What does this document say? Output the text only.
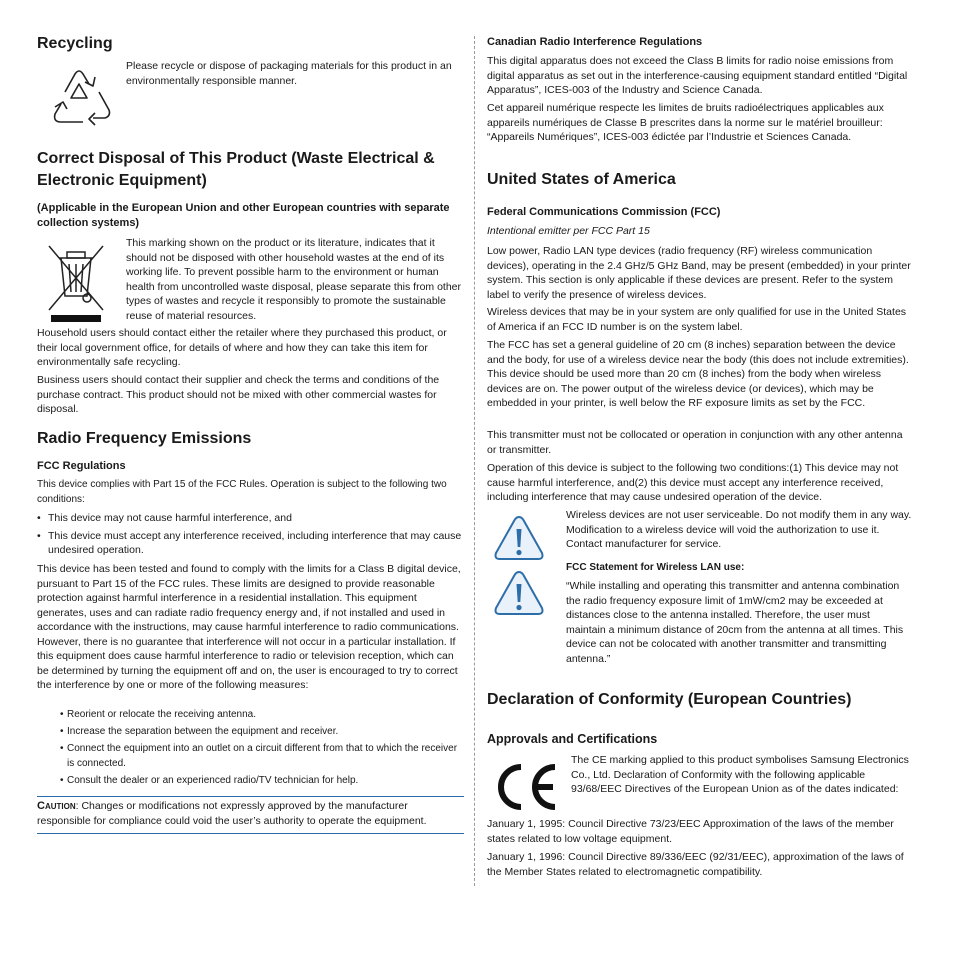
Recycling

Please recycle or dispose of packaging materials for this product in an environmentally responsible manner.

Correct Disposal of This Product (Waste Electrical & Electronic Equipment)
(Applicable in the European Union and other European countries with separate collection systems)

This marking shown on the product or its literature, indicates that it should not be disposed with other household wastes at the end of its working life. To prevent possible harm to the environment or human health from uncontrolled waste disposal, please separate this from other types of wastes and recycle it responsibly to promote the sustainable reuse of material resources.

Household users should contact either the retailer where they purchased this product, or their local government office, for details of where and how they can take this item for environmentally safe recycling.

Business users should contact their supplier and check the terms and conditions of the purchase contract. This product should not be mixed with other commercial wastes for disposal.

Radio Frequency Emissions
FCC Regulations

This device complies with Part 15 of the FCC Rules. Operation is subject to the following two conditions:

• This device may not cause harmful interference, and
• This device must accept any interference received, including interference that may cause undesired operation.

This device has been tested and found to comply with the limits for a Class B digital device, pursuant to Part 15 of the FCC rules. These limits are designed to provide reasonable protection against harmful interference in a residential installation. This equipment generates, uses and can radiate radio frequency energy and, if not installed and used in accordance with the instructions, may cause harmful interference to radio communications. However, there is no guarantee that interference will not occur in a particular installation. If this equipment does cause harmful interference to radio or television reception, which can be determined by turning the equipment off and on, the user is encouraged to try to correct the interference by one or more of the following measures:

• Reorient or relocate the receiving antenna.
• Increase the separation between the equipment and receiver.
• Connect the equipment into an outlet on a circuit different from that to which the receiver is connected.
• Consult the dealer or an experienced radio/TV technician for help.

Caution: Changes or modifications not expressly approved by the manufacturer responsible for compliance could void the user’s authority to operate the equipment.

Canadian Radio Interference Regulations

This digital apparatus does not exceed the Class B limits for radio noise emissions from digital apparatus as set out in the interference-causing equipment standard entitled “Digital Apparatus”, ICES-003 of the Industry and Science Canada.

Cet appareil numérique respecte les limites de bruits radioélectriques applicables aux appareils numériques de Classe B prescrites dans la norme sur le matériel brouilleur: “Appareils Numériques”, ICES-003 édictée par l’Industrie et Sciences Canada.

United States of America
Federal Communications Commission (FCC)

Intentional emitter per FCC Part 15

Low power, Radio LAN type devices (radio frequency (RF) wireless communication devices), operating in the 2.4 GHz/5 GHz Band, may be present (embedded) in your printer system. This section is only applicable if these devices are present. Refer to the system label to verify the presence of wireless devices.

Wireless devices that may be in your system are only qualified for use in the United States of America if an FCC ID number is on the system label.

The FCC has set a general guideline of 20 cm (8 inches) separation between the device and the body, for use of a wireless device near the body (this does not include extremities). This device should be used more than 20 cm (8 inches) from the body when wireless devices are on. The power output of the wireless device (or devices), which may be embedded in your printer, is well below the RF exposure limits as set by the FCC.

This transmitter must not be collocated or operation in conjunction with any other antenna or transmitter.

Operation of this device is subject to the following two conditions:(1) This device may not cause harmful interference, and(2) this device must accept any interference received, including interference that may cause undesired operation of the device.

Wireless devices are not user serviceable. Do not modify them in any way. Modification to a wireless device will void the authorization to use it. Contact manufacturer for service.

FCC Statement for Wireless LAN use:

“While installing and operating this transmitter and antenna combination the radio frequency exposure limit of 1mW/cm2 may be exceeded at distances close to the antenna installed. Therefore, the user must maintain a minimum distance of 20cm from the antenna at all times. This device can not be colocated with another transmitter and transmitting antenna.”

Declaration of Conformity (European Countries)
Approvals and Certifications

The CE marking applied to this product symbolises Samsung Electronics Co., Ltd. Declaration of Conformity with the following applicable 93/68/EEC Directives of the European Union as of the dates indicated:

January 1, 1995: Council Directive 73/23/EEC Approximation of the laws of the member states related to low voltage equipment.

January 1, 1996: Council Directive 89/336/EEC (92/31/EEC), approximation of the laws of the Member States related to electromagnetic compatibility.
